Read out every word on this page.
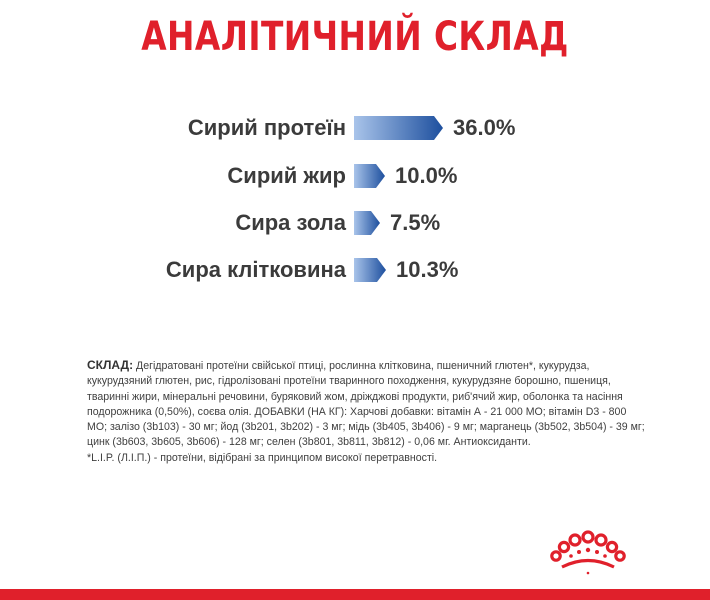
АНАЛІТИЧНИЙ СКЛАД
Сирий протеїн	36.0%
Сирий жир 10.0%
Сира зола 7.5%
Сира клітковина 10.3%

СКЛАД: Дегідратовані протеїни свійської птиці, рослинна клітковина, пшеничний глютен*, кукурудза, кукурудзяний глютен, рис, гідролізовані протеїни тваринного походження, кукурудзяне борошно, пшениця, тваринні жири, мінеральні речовини, буряковий жом, дріжджові продукти, риб'ячий жир, оболонка та насіння подорожника (0,50%), соєва олія. ДОБАВКИ (НА КГ): Харчові добавки: вітамін А - 21 000 МО; вітамін D3 - 800 МО; залізо (3b103) - 30 мг; йод (3b201, 3b202) - 3 мг; мідь (3b405, 3b406) - 9 мг; марганець (3b502, 3b504) - 39 мг; цинк (3b603, 3b605, 3b606) - 128 мг; селен (3b801, 3b811, 3b812) - 0,06 мг. Антиоксиданти.
*L.I.P. (Л.І.П.) - протеїни, відібрані за принципом високої перетравності.
